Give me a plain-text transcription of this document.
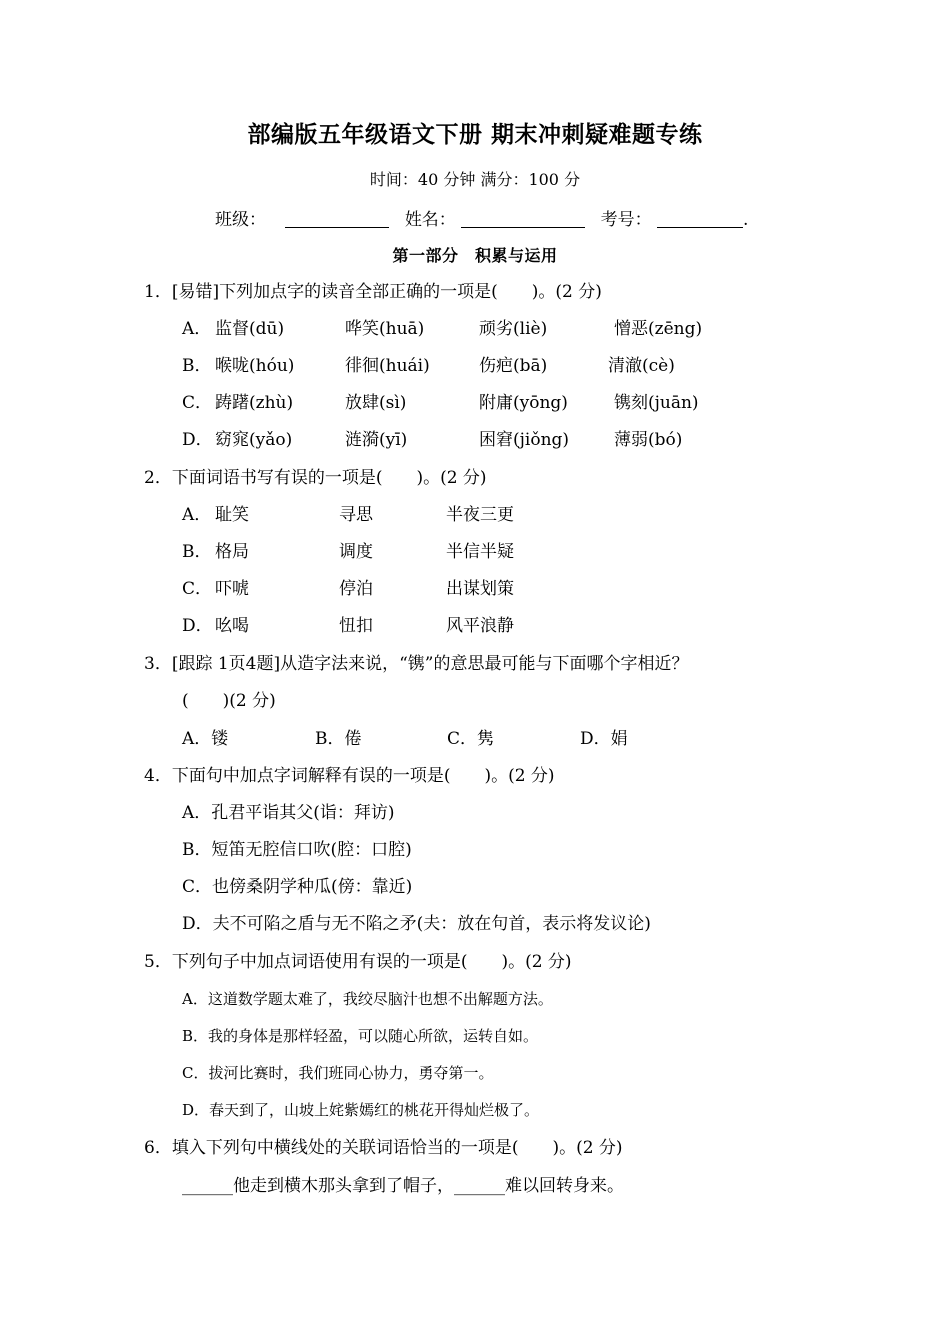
部编版五年级语文下册 期末冲刺疑难题专练
时间：40 分钟 满分：100 分
班级：	姓名：	考号：	.
第一部分　积累与运用
1．[易错]下列加点字的读音全部正确的一项是(　　)。(2 分)
A． 监督(dū)	哗笑(huā)	顽劣(liè)	憎恶(zēng)
B． 喉咙(hóu)	徘徊(huái)	伤疤(bā)	清澈(cè)
C． 踌躇(zhù)	放肆(sì)	附庸(yōng)	镌刻(juān)
D． 窈窕(yǎo)	涟漪(yī)	困窘(jiǒng)	薄弱(bó)
2．下面词语书写有误的一项是(　　)。(2 分)
A． 耻笑	寻思	半夜三更
B． 格局	调度	半信半疑
C． 吓唬	停泊	出谋划策
D． 吆喝	忸扣	风平浪静
3．[跟踪 1页4题]从造字法来说，“镌”的意思最可能与下面哪个字相近？
(　　)(2 分)
A．镂	B．倦	C．隽	D．娟
4．下面句中加点字词解释有误的一项是(　　)。(2 分)
A．孔君平诣其父(诣：拜访)
B．短笛无腔信口吹(腔：口腔)
C．也傍桑阴学种瓜(傍：靠近)
D．夫不可陷之盾与无不陷之矛(夫：放在句首，表示将发议论)
5．下列句子中加点词语使用有误的一项是(　　)。(2 分)
A．这道数学题太难了，我绞尽脑汁也想不出解题方法。
B．我的身体是那样轻盈，可以随心所欲，运转自如。
C．拔河比赛时，我们班同心协力，勇夺第一。
D．春天到了，山坡上姹紫嫣红的桃花开得灿烂极了。
6．填入下列句中横线处的关联词语恰当的一项是(　　)。(2 分)
______他走到横木那头拿到了帽子，______难以回转身来。
